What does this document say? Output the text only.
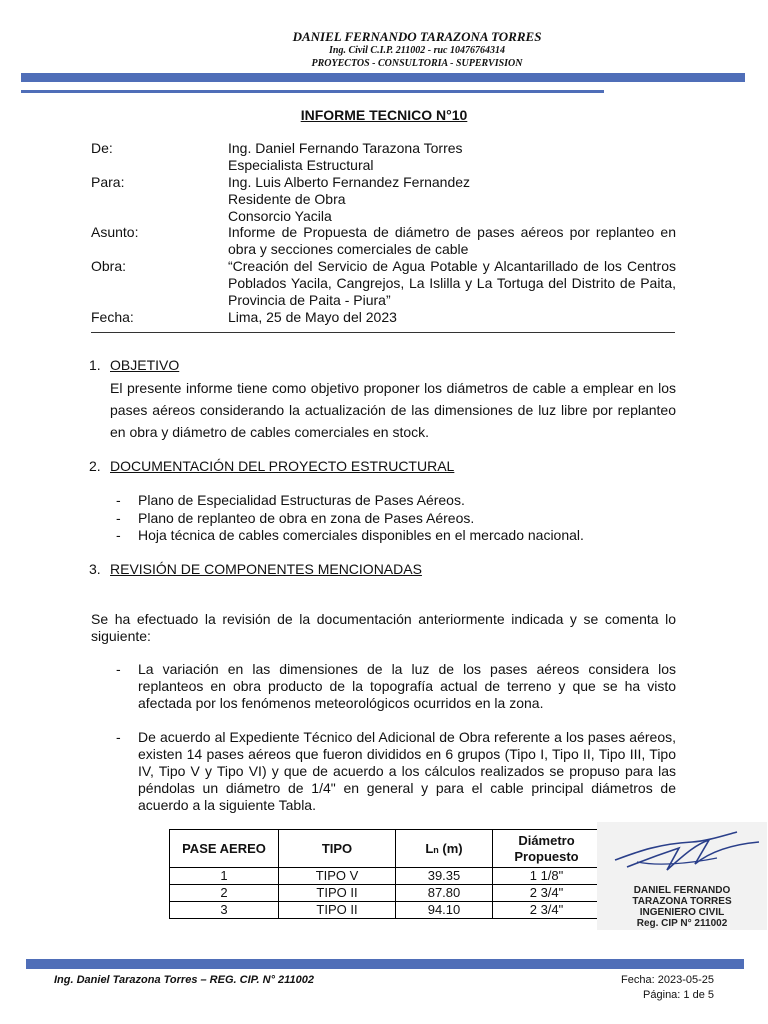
DANIEL FERNANDO TARAZONA TORRES
Ing. Civil C.I.P. 211002 - ruc 10476764314
PROYECTOS - CONSULTORIA - SUPERVISION
INFORME TECNICO N°10
De:	Ing. Daniel Fernando Tarazona Torres
Especialista Estructural
Para:	Ing. Luis Alberto Fernandez Fernandez
Residente de Obra
Consorcio Yacila
Asunto:	Informe de Propuesta de diámetro de pases aéreos por replanteo en obra y secciones comerciales de cable
Obra:	“Creación del Servicio de Agua Potable y Alcantarillado de los Centros Poblados Yacila, Cangrejos, La Islilla y La Tortuga del Distrito de Paita, Provincia de Paita - Piura”
Fecha:	Lima, 25 de Mayo del 2023
1. OBJETIVO
El presente informe tiene como objetivo proponer los diámetros de cable a emplear en los pases aéreos considerando la actualización de las dimensiones de luz libre por replanteo en obra y diámetro de cables comerciales en stock.
2. DOCUMENTACIÓN DEL PROYECTO ESTRUCTURAL
- Plano de Especialidad Estructuras de Pases Aéreos.
- Plano de replanteo de obra en zona de Pases Aéreos.
- Hoja técnica de cables comerciales disponibles en el mercado nacional.
3. REVISIÓN DE COMPONENTES MENCIONADAS
Se ha efectuado la revisión de la documentación anteriormente indicada y se comenta lo siguiente:
- La variación en las dimensiones de la luz de los pases aéreos considera los replanteos en obra producto de la topografía actual de terreno y que se ha visto afectada por los fenómenos meteorológicos ocurridos en la zona.
- De acuerdo al Expediente Técnico del Adicional de Obra referente a los pases aéreos, existen 14 pases aéreos que fueron divididos en 6 grupos (Tipo I, Tipo II, Tipo III, Tipo IV, Tipo V y Tipo VI) y que de acuerdo a los cálculos realizados se propuso para las péndolas un diámetro de 1/4" en general y para el cable principal diámetros de acuerdo a la siguiente Tabla.
PASE AEREO	TIPO	Ln (m)	Diámetro Propuesto
1	TIPO V	39.35	1 1/8"
2	TIPO II	87.80	2 3/4"
3	TIPO II	94.10	2 3/4"
DANIEL FERNANDO
TARAZONA TORRES
INGENIERO CIVIL
Reg. CIP N° 211002
Ing. Daniel Tarazona Torres – REG. CIP. N° 211002	Fecha: 2023-05-25
Página: 1 de 5
